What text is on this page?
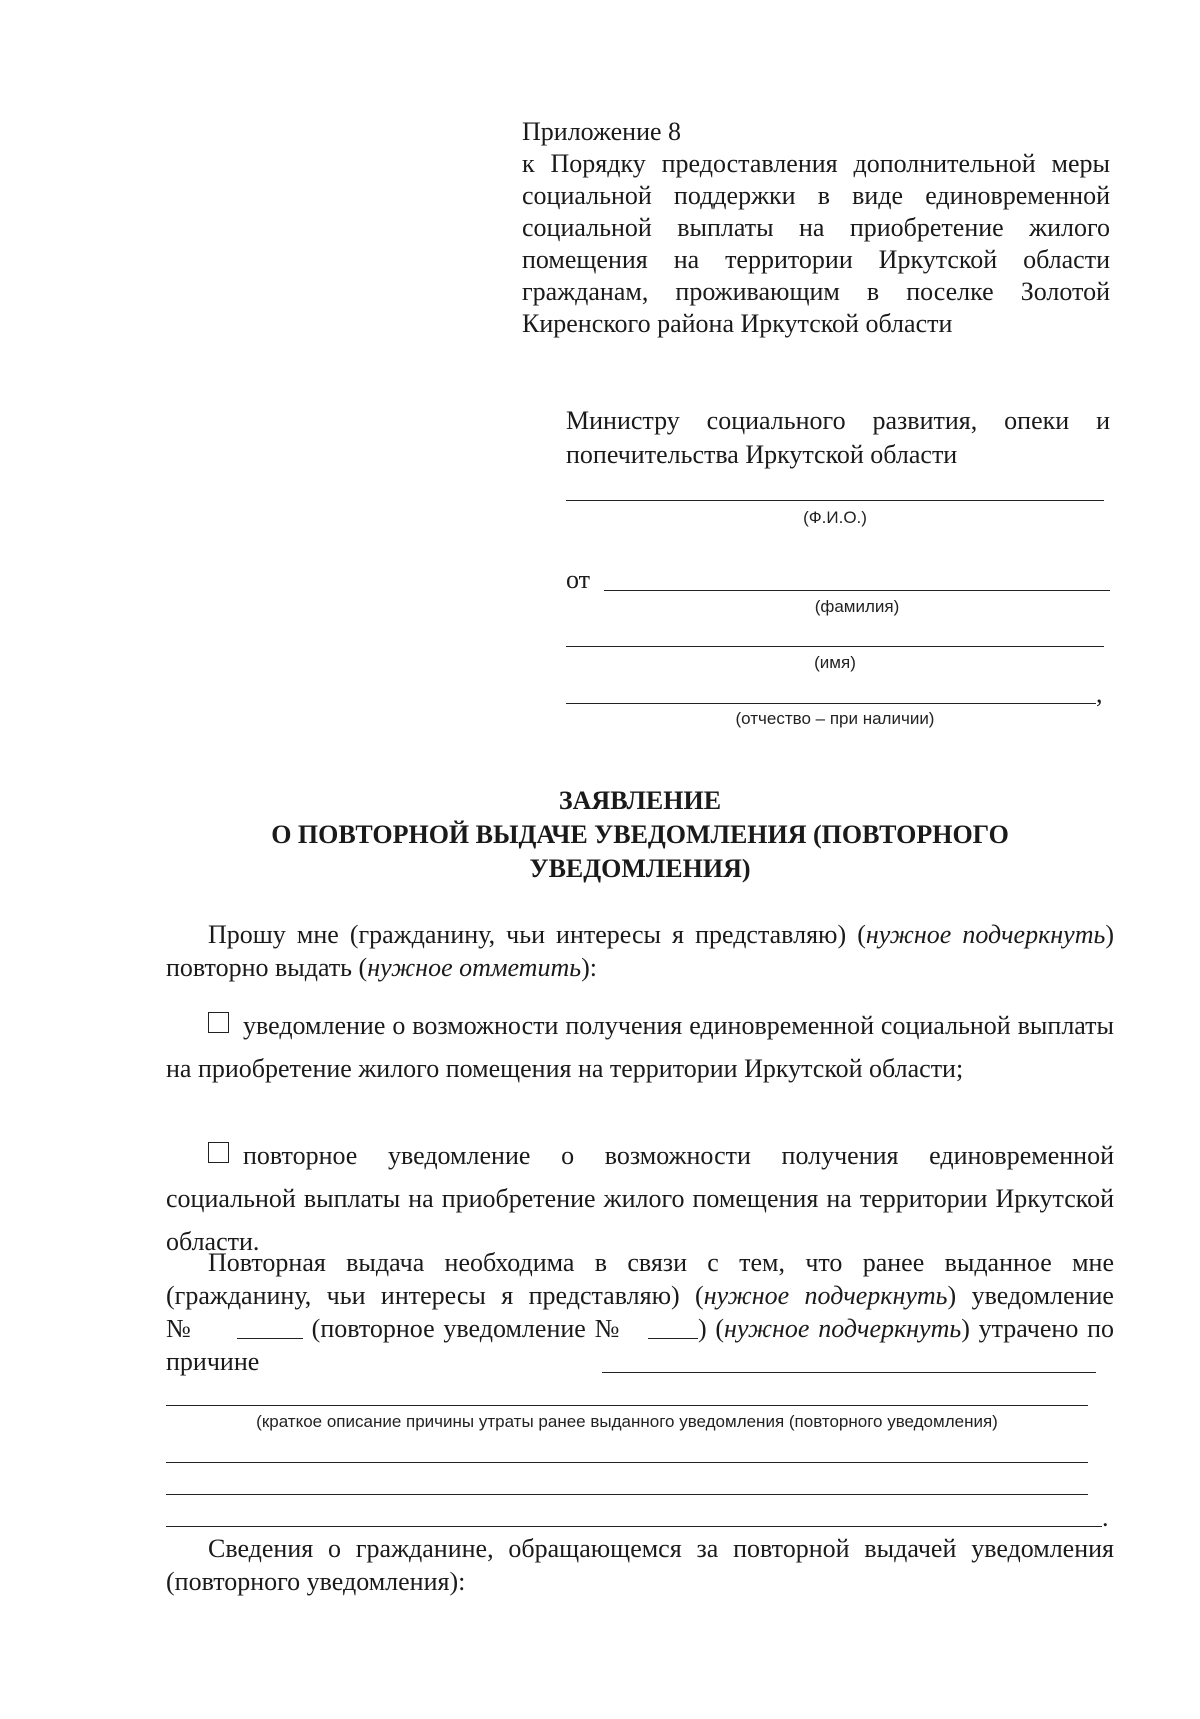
Приложение 8
к Порядку предоставления дополнительной меры социальной поддержки в виде единовременной социальной выплаты на приобретение жилого помещения на территории Иркутской области гражданам, проживающим в поселке Золотой Киренского района Иркутской области
Министру социального развития, опеки и попечительства Иркутской области
(Ф.И.О.)
от
(фамилия)
(имя)
,
(отчество – при наличии)
ЗАЯВЛЕНИЕ
О ПОВТОРНОЙ ВЫДАЧЕ УВЕДОМЛЕНИЯ (ПОВТОРНОГО
УВЕДОМЛЕНИЯ)
Прошу мне (гражданину, чьи интересы я представляю) (нужное подчеркнуть) повторно выдать (нужное отметить):
уведомление о возможности получения единовременной социальной выплаты на приобретение жилого помещения на территории Иркутской области;
повторное уведомление о возможности получения единовременной социальной выплаты на приобретение жилого помещения на территории Иркутской области.
Повторная выдача необходима в связи с тем, что ранее выданное мне (гражданину, чьи интересы я представляю) (нужное подчеркнуть) уведомление №	(повторное уведомление №	) (нужное подчеркнуть) утрачено по причине
(краткое описание причины утраты ранее выданного уведомления (повторного уведомления)
.
Сведения о гражданине, обращающемся за повторной выдачей уведомления (повторного уведомления):
